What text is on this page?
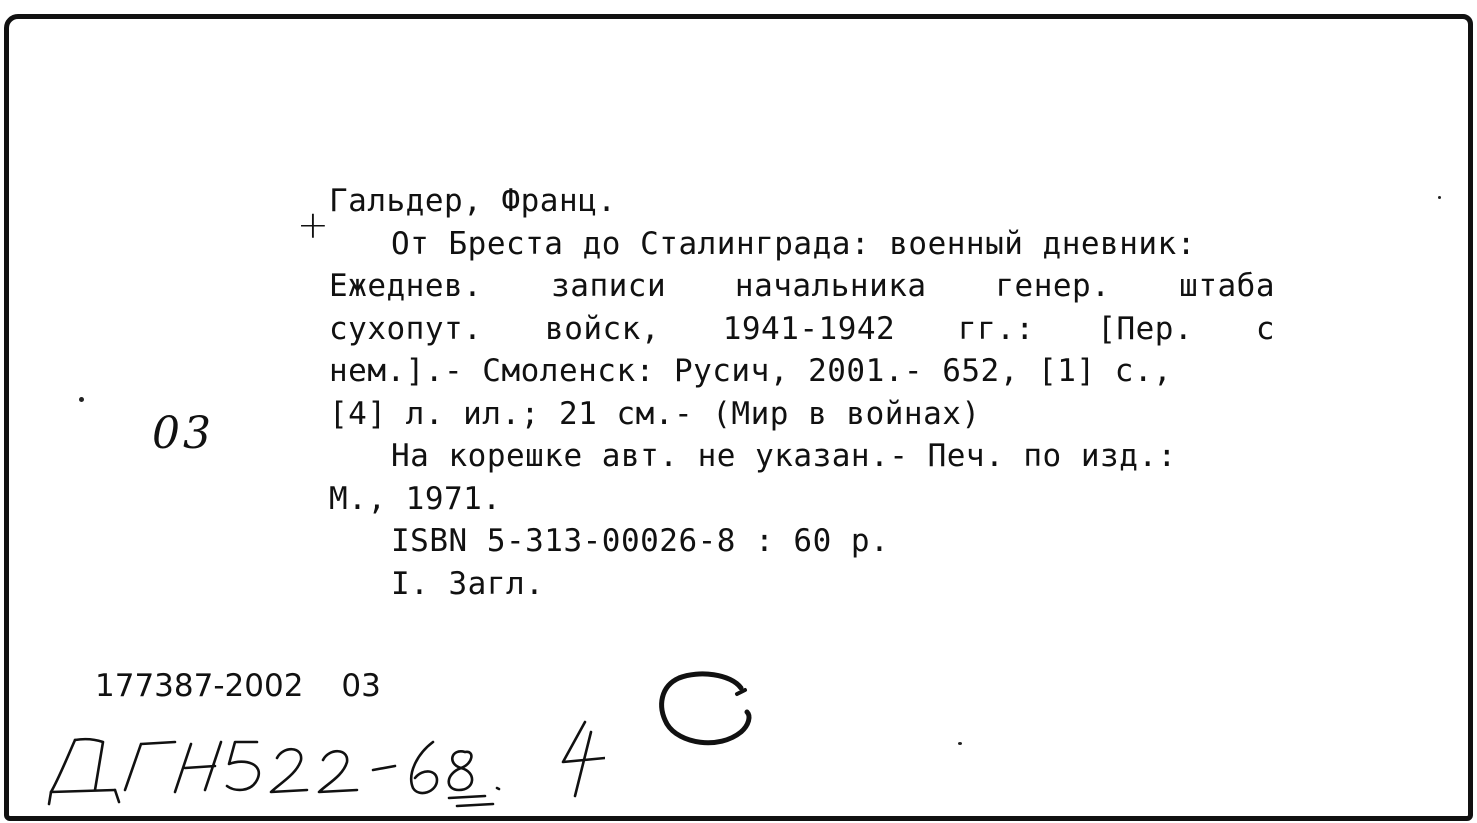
+
03
Гальдер, Франц.
От Бреста до Сталинграда: военный дневник:
Ежеднев. записи начальника генер. штаба
сухопут. войск, 1941-1942 гг.: [Пер. с
нем.].- Смоленск: Русич, 2001.- 652, [1] с.,
[4] л. ил.; 21 см.- (Мир в войнах)
На корешке авт. не указан.- Печ. по изд.:
М., 1971.
ISBN 5-313-00026-8 : 60 р.
I. Загл.
177387-2002 03
